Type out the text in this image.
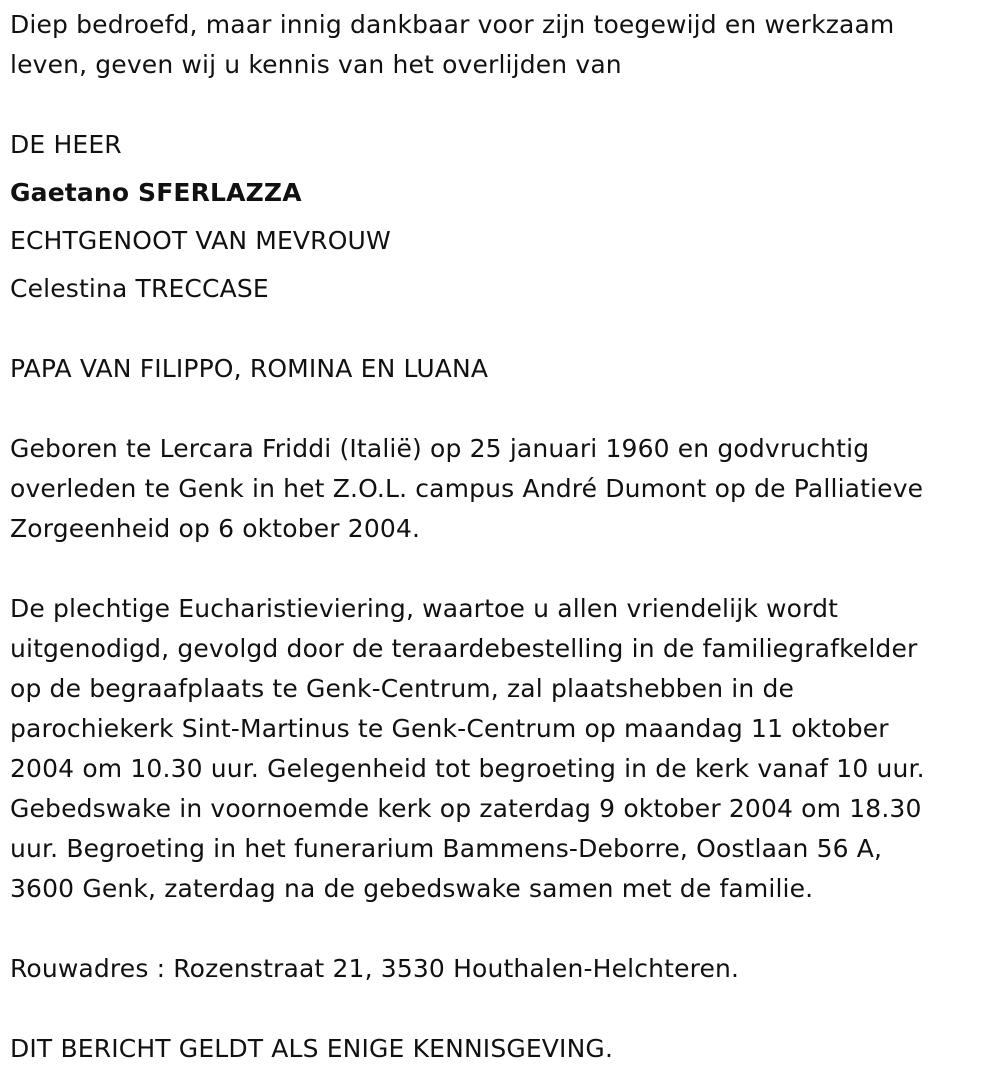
Diep bedroefd, maar innig dankbaar voor zijn toegewijd en werkzaam
leven, geven wij u kennis van het overlijden van
DE HEER
Gaetano SFERLAZZA
ECHTGENOOT VAN MEVROUW
Celestina TRECCASE
PAPA VAN FILIPPO, ROMINA EN LUANA
Geboren te Lercara Friddi (Italië) op 25 januari 1960 en godvruchtig
overleden te Genk in het Z.O.L. campus André Dumont op de Palliatieve
Zorgeenheid op 6 oktober 2004.
De plechtige Eucharistieviering, waartoe u allen vriendelijk wordt
uitgenodigd, gevolgd door de teraardebestelling in de familiegrafkelder
op de begraafplaats te Genk-Centrum, zal plaatshebben in de
parochiekerk Sint-Martinus te Genk-Centrum op maandag 11 oktober
2004 om 10.30 uur. Gelegenheid tot begroeting in de kerk vanaf 10 uur.
Gebedswake in voornoemde kerk op zaterdag 9 oktober 2004 om 18.30
uur. Begroeting in het funerarium Bammens-Deborre, Oostlaan 56 A,
3600 Genk, zaterdag na de gebedswake samen met de familie.
Rouwadres : Rozenstraat 21, 3530 Houthalen-Helchteren.
DIT BERICHT GELDT ALS ENIGE KENNISGEVING.
